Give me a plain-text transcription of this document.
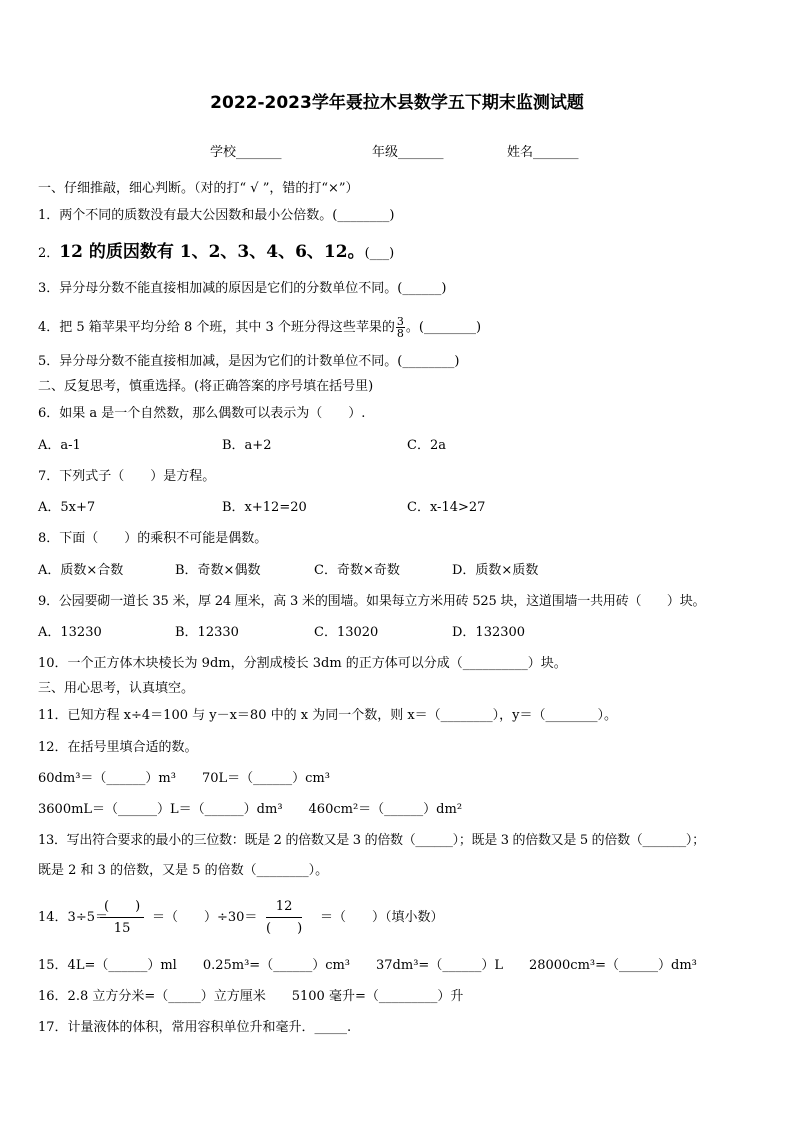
2022-2023学年聂拉木县数学五下期末监测试题
学校_______	年级_______	姓名_______
一、仔细推敲，细心判断。（对的打“ √ ”，错的打“×”）
1．两个不同的质数没有最大公因数和最小公倍数。(________)
2．12 的质因数有 1、2、3、4、6、12。(___)
3．异分母分数不能直接相加减的原因是它们的分数单位不同。(______)
4．把 5 箱苹果平均分给 8 个班，其中 3 个班分得这些苹果的 $\frac{3}{8}$ 。(________)
5．异分母分数不能直接相加减，是因为它们的计数单位不同。(________)
二、反复思考，慎重选择。(将正确答案的序号填在括号里)
6．如果 a 是一个自然数，那么偶数可以表示为（　　）.
A．a-1	B．a+2	C．2a
7．下列式子（　　）是方程。
A．5x+7	B．x+12=20	C．x-14>27
8．下面（　　）的乘积不可能是偶数。
A．质数×合数	B．奇数×偶数	C．奇数×奇数	D．质数×质数
9．公园要砌一道长 35 米，厚 24 厘米，高 3 米的围墙。如果每立方米用砖 525 块，这道围墙一共用砖（　　）块。
A．13230	B．12330	C．13020	D．132300
10．一个正方体木块棱长为 9dm，分割成棱长 3dm 的正方体可以分成（__________）块。
三、用心思考，认真填空。
11．已知方程 x÷4＝100 与 y－x＝80 中的 x 为同一个数，则 x＝（________），y＝（________）。
12．在括号里填合适的数。
60dm³＝（______）m³　　70L＝（______）cm³
3600mL＝（______）L＝（______）dm³　　460cm²＝（______）dm²
13．写出符合要求的最小的三位数：既是 2 的倍数又是 3 的倍数（______）；既是 3 的倍数又是 5 的倍数（_______）；
既是 2 和 3 的倍数，又是 5 的倍数（________）。
14．3÷5＝
(　　)
15
＝（　　）÷30＝
12
(　　)
＝（　　）（填小数）
15．4L=（______）ml　　0.25m³=（______）cm³　　37dm³=（______）L　　28000cm³=（______）dm³
16．2.8 立方分米=（_____）立方厘米　　5100 毫升=（_________）升
17．计量液体的体积，常用容积单位升和毫升．_____.
